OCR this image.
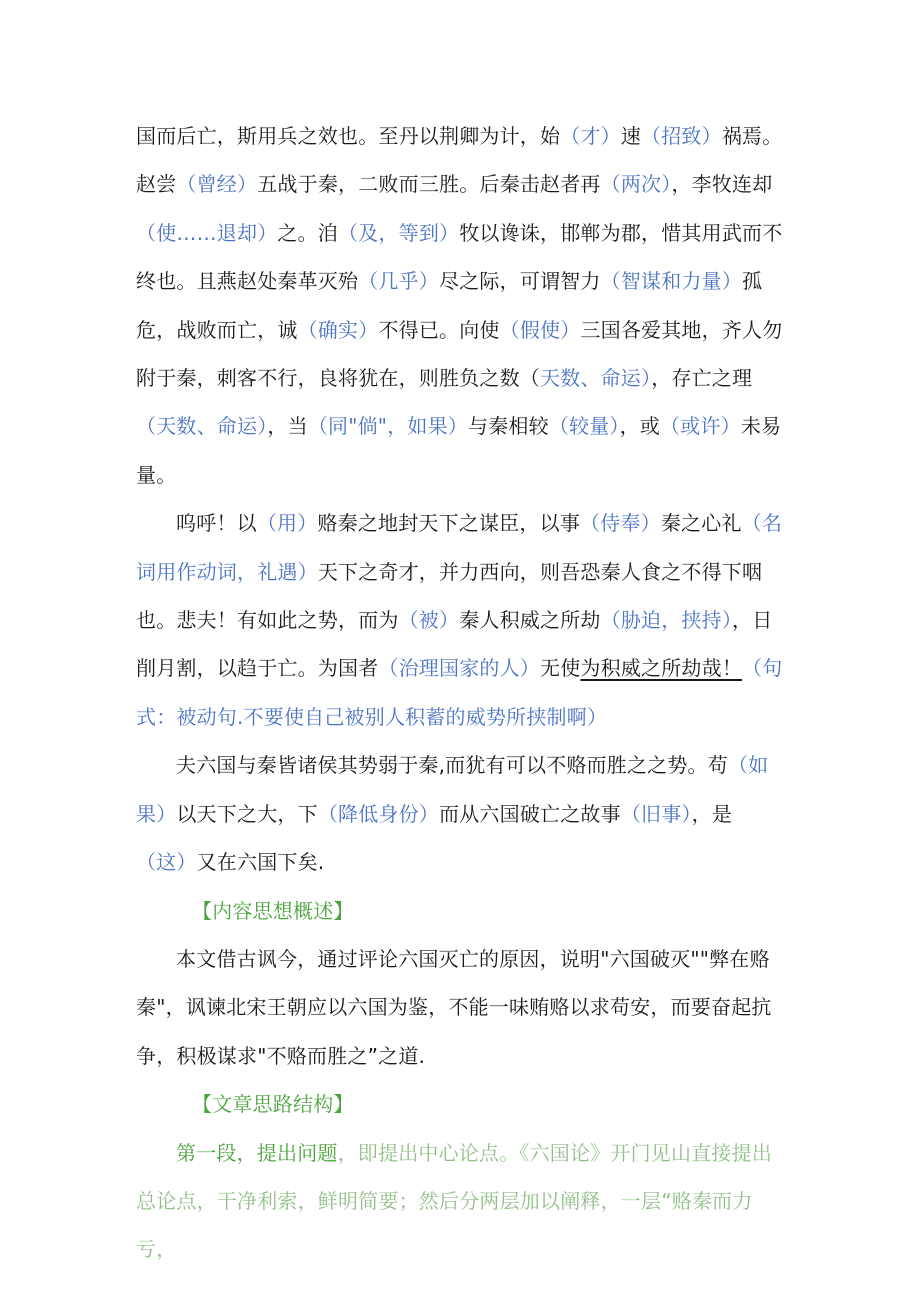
国而后亡，斯用兵之效也。至丹以荆卿为计，始（才）速（招致）祸焉。赵尝（曾经）五战于秦，二败而三胜。后秦击赵者再（两次），李牧连却（使……退却）之。洎（及，等到）牧以谗诛，邯郸为郡，惜其用武而不终也。且燕赵处秦革灭殆（几乎）尽之际，可谓智力（智谋和力量）孤危，战败而亡，诚（确实）不得已。向使（假使）三国各爱其地，齐人勿附于秦，刺客不行，良将犹在，则胜负之数（天数、命运），存亡之理（天数、命运），当（同"倘"，如果）与秦相较（较量），或（或许）未易量。

呜呼！以（用）赂秦之地封天下之谋臣，以事（侍奉）秦之心礼（名词用作动词，礼遇）天下之奇才，并力西向，则吾恐秦人食之不得下咽也。悲夫！有如此之势，而为（被）秦人积威之所劫（胁迫，挟持），日削月割，以趋于亡。为国者（治理国家的人）无使为积威之所劫哉！（句式：被动句.不要使自己被别人积蓄的威势所挟制啊）

夫六国与秦皆诸侯其势弱于秦,而犹有可以不赂而胜之之势。苟（如果）以天下之大，下（降低身份）而从六国破亡之故事（旧事），是（这）又在六国下矣.

【内容思想概述】

本文借古讽今，通过评论六国灭亡的原因，说明"六国破灭""弊在赂秦"，讽谏北宋王朝应以六国为鉴，不能一味贿赂以求苟安，而要奋起抗争，积极谋求"不赂而胜之”之道.

【文章思路结构】

第一段，提出问题，即提出中心论点。《六国论》开门见山直接提出总论点，干净利索，鲜明简要；然后分两层加以阐释，一层“赂秦而力亏，
